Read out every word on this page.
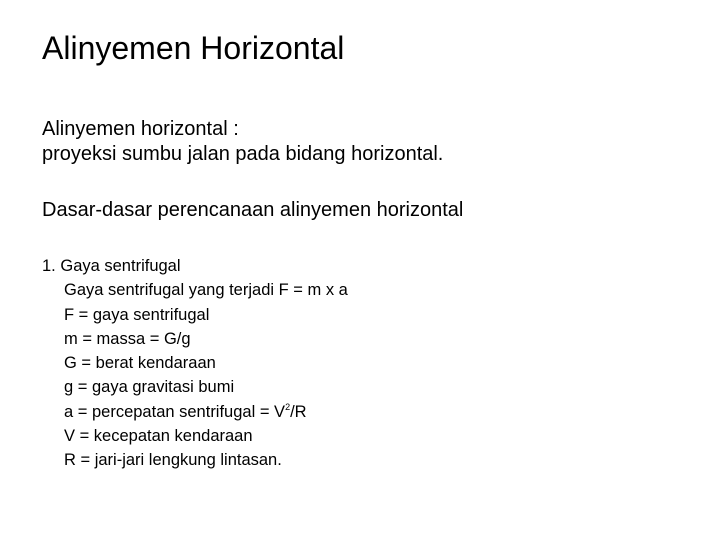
Alinyemen Horizontal
Alinyemen horizontal :
proyeksi sumbu jalan pada bidang horizontal.
Dasar-dasar perencanaan alinyemen horizontal
1. Gaya sentrifugal
Gaya sentrifugal yang terjadi F = m x a
F = gaya sentrifugal
m = massa = G/g
G = berat kendaraan
g = gaya gravitasi bumi
a = percepatan sentrifugal = $V^2/R$
V = kecepatan kendaraan
R = jari-jari lengkung lintasan.
